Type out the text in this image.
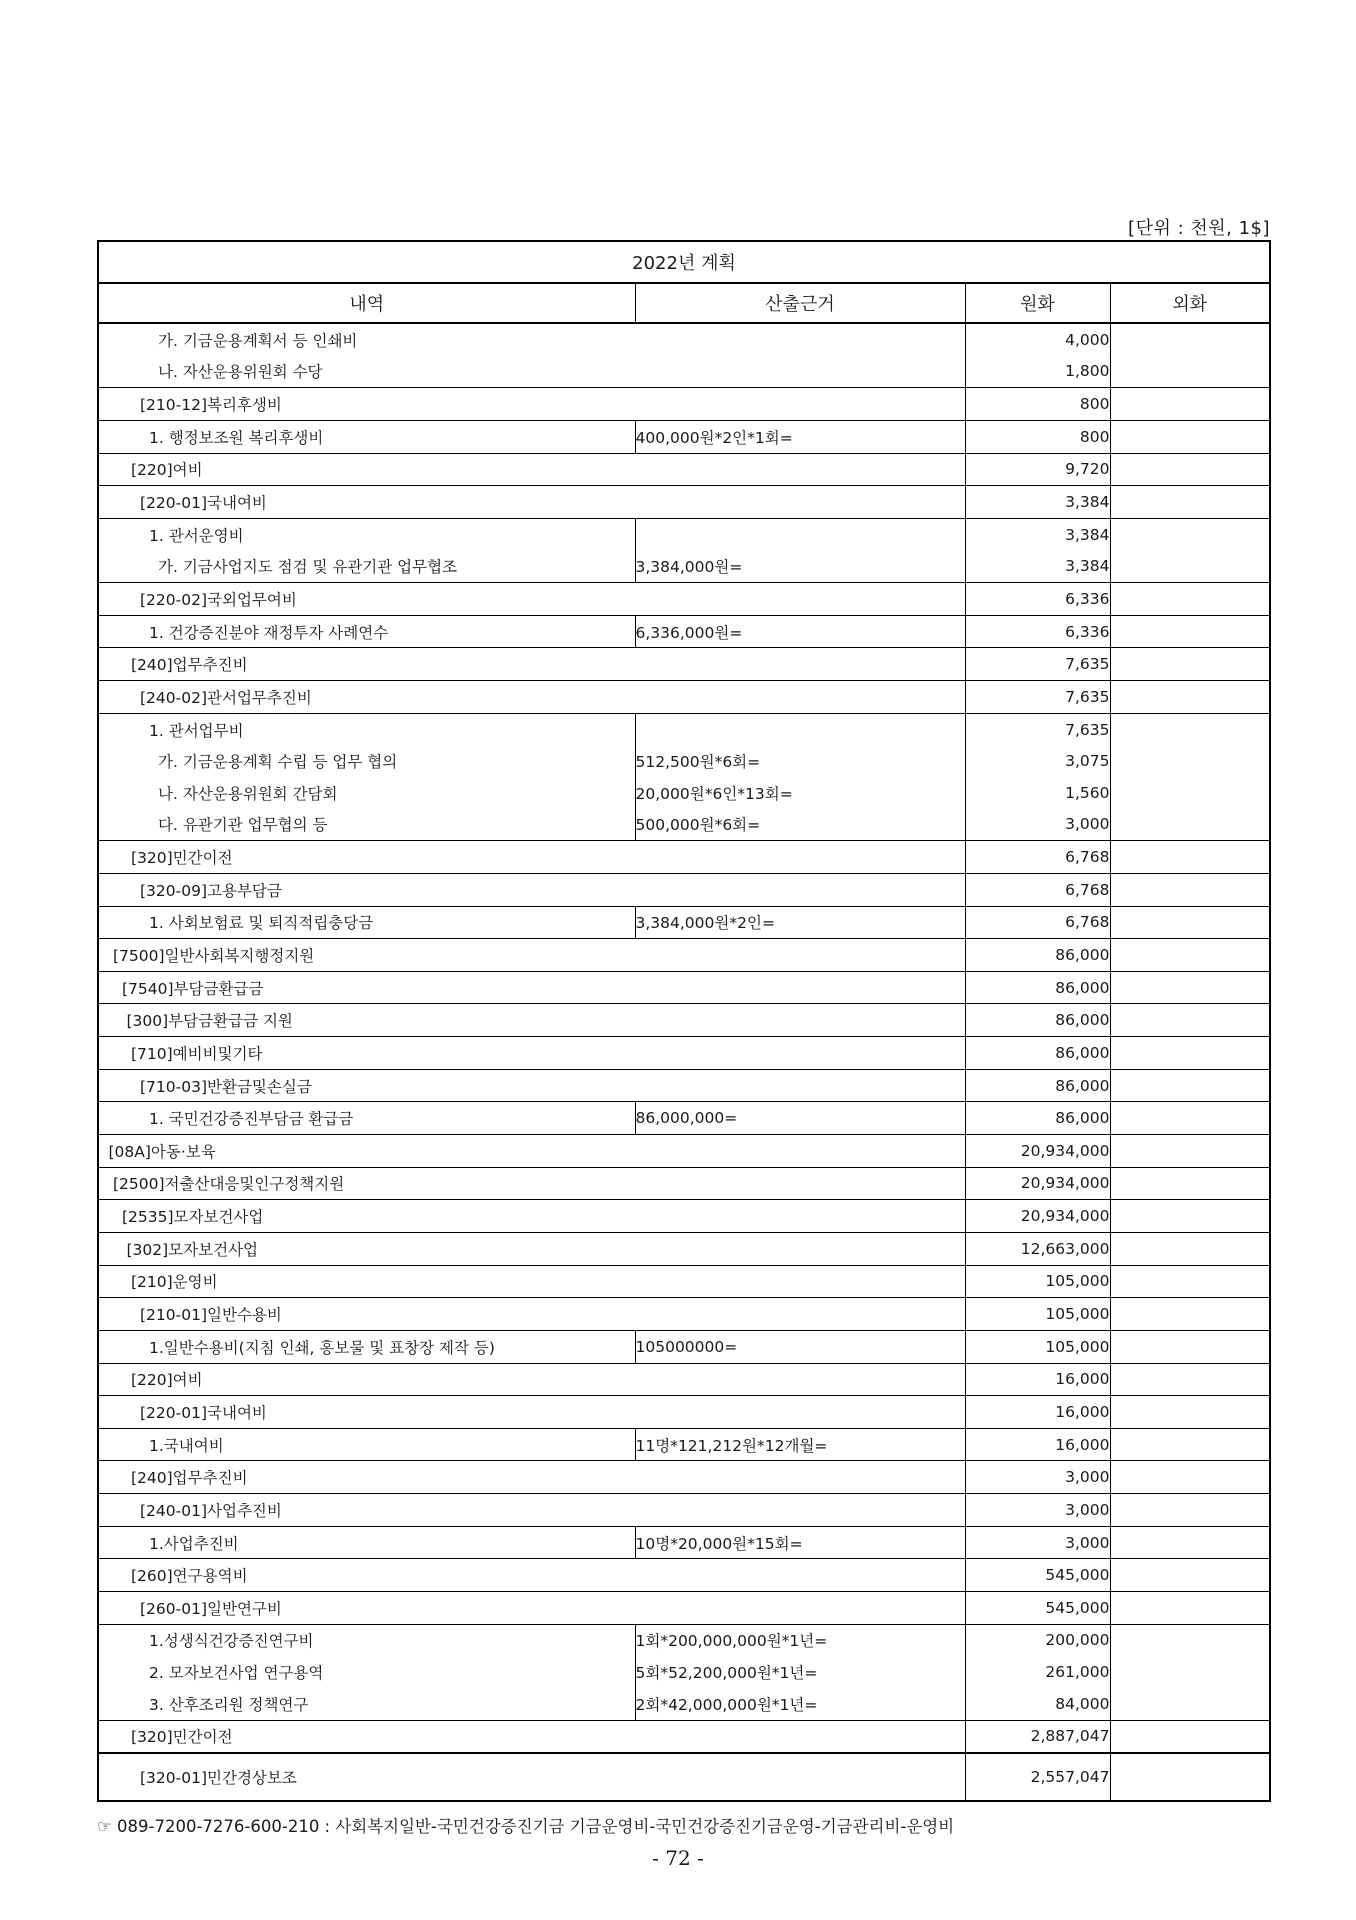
[단위 : 천원, 1$]
2022년 계획			
내역	산출근거	원화	외화
가. 기금운용계획서 등 인쇄비		4,000	
나. 자산운용위원회 수당		1,800	
[210-12]복리후생비		800	
1. 행정보조원 복리후생비	400,000원*2인*1회=	800	
[220]여비		9,720	
[220-01]국내여비		3,384	
1. 관서운영비		3,384	
가. 기금사업지도 점검 및 유관기관 업무협조	3,384,000원=	3,384	
[220-02]국외업무여비		6,336	
1. 건강증진분야 재정투자 사례연수	6,336,000원=	6,336	
[240]업무추진비		7,635	
[240-02]관서업무추진비		7,635	
1. 관서업무비		7,635	
가. 기금운용계획 수립 등 업무 협의	512,500원*6회=	3,075	
나. 자산운용위원회 간담회	20,000원*6인*13회=	1,560	
다. 유관기관 업무협의 등	500,000원*6회=	3,000	
[320]민간이전		6,768	
[320-09]고용부담금		6,768	
1. 사회보험료 및 퇴직적립충당금	3,384,000원*2인=	6,768	
[7500]일반사회복지행정지원		86,000	
[7540]부담금환급금		86,000	
[300]부담금환급금 지원		86,000	
[710]예비비및기타		86,000	
[710-03]반환금및손실금		86,000	
1. 국민건강증진부담금 환급금	86,000,000=	86,000	
[08A]아동·보육		20,934,000	
[2500]저출산대응및인구정책지원		20,934,000	
[2535]모자보건사업		20,934,000	
[302]모자보건사업		12,663,000	
[210]운영비		105,000	
[210-01]일반수용비		105,000	
1.일반수용비(지침 인쇄, 홍보물 및 표창장 제작 등)	105000000=	105,000	
[220]여비		16,000	
[220-01]국내여비		16,000	
1.국내여비	11명*121,212원*12개월=	16,000	
[240]업무추진비		3,000	
[240-01]사업추진비		3,000	
1.사업추진비	10명*20,000원*15회=	3,000	
[260]연구용역비		545,000	
[260-01]일반연구비		545,000	
1.성생식건강증진연구비	1회*200,000,000원*1년=	200,000	
2. 모자보건사업 연구용역	5회*52,200,000원*1년=	261,000	
3. 산후조리원 정책연구	2회*42,000,000원*1년=	84,000	
[320]민간이전		2,887,047	
[320-01]민간경상보조		2,557,047	
☞ 089-7200-7276-600-210 : 사회복지일반-국민건강증진기금 기금운영비-국민건강증진기금운영-기금관리비-운영비
- 72 -
